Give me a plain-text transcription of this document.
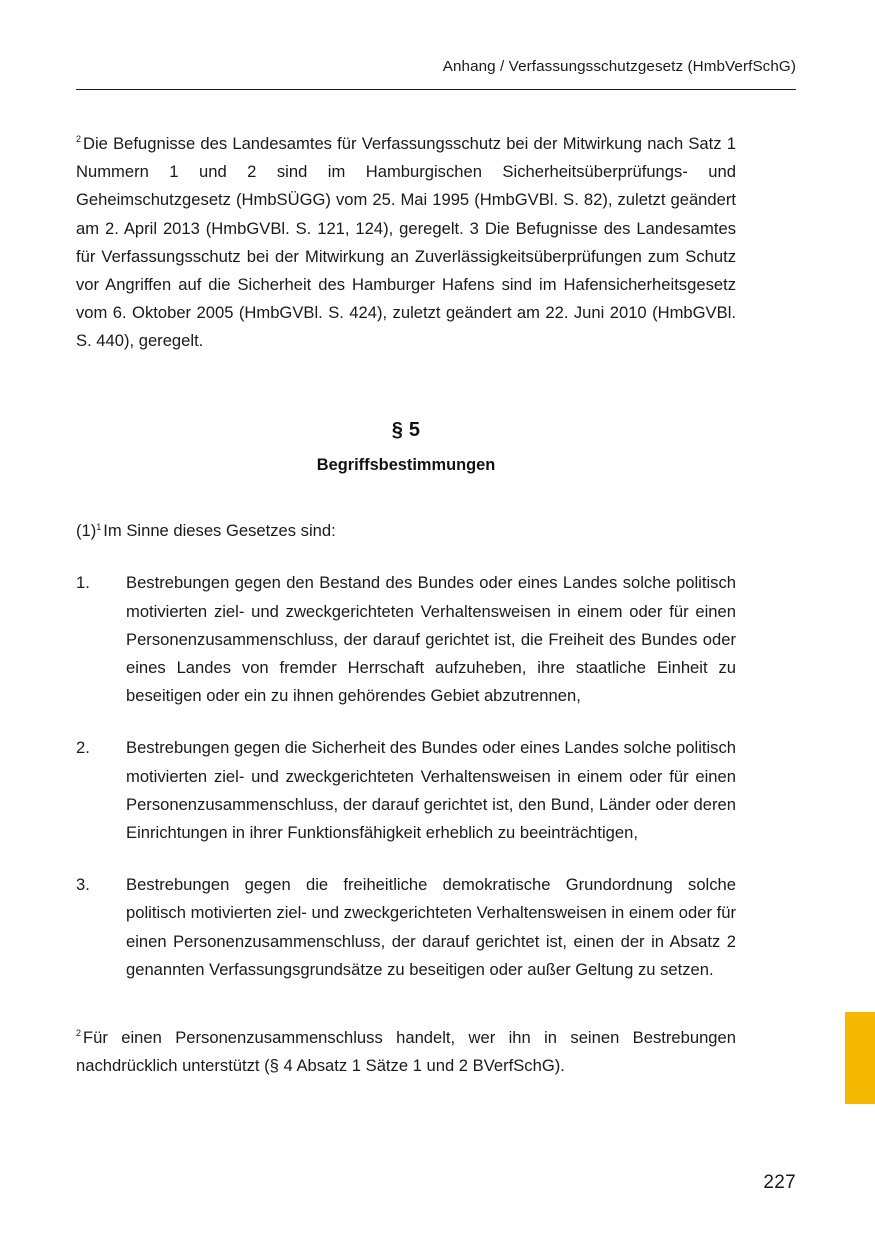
Anhang / Verfassungsschutzgesetz (HmbVerfSchG)

$^2$ Die Befugnisse des Landesamtes für Verfassungsschutz bei der Mitwirkung nach Satz 1 Nummern 1 und 2 sind im Hamburgischen Sicherheitsüberprüfungs- und Geheimschutzgesetz (HmbSÜGG) vom 25. Mai 1995 (HmbGVBl. S. 82), zuletzt geändert am 2. April 2013 (HmbGVBl. S. 121, 124), geregelt. 3 Die Befugnisse des Landesamtes für Verfassungsschutz bei der Mitwirkung an Zuverlässigkeitsüberprüfungen zum Schutz vor Angriffen auf die Sicherheit des Hamburger Hafens sind im Hafensicherheitsgesetz vom 6. Oktober 2005 (HmbGVBl. S. 424), zuletzt geändert am 22. Juni 2010 (HmbGVBl. S. 440), geregelt.

§ 5
Begriffsbestimmungen

$(1)^1$ Im Sinne dieses Gesetzes sind:

1.	Bestrebungen gegen den Bestand des Bundes oder eines Landes solche politisch motivierten ziel- und zweckgerichteten Verhaltensweisen in einem oder für einen Personenzusammenschluss, der darauf gerichtet ist, die Freiheit des Bundes oder eines Landes von fremder Herrschaft aufzuheben, ihre staatliche Einheit zu beseitigen oder ein zu ihnen gehörendes Gebiet abzutrennen,
2.	Bestrebungen gegen die Sicherheit des Bundes oder eines Landes solche politisch motivierten ziel- und zweckgerichteten Verhaltensweisen in einem oder für einen Personenzusammenschluss, der darauf gerichtet ist, den Bund, Länder oder deren Einrichtungen in ihrer Funktionsfähigkeit erheblich zu beeinträchtigen,
3.	Bestrebungen gegen die freiheitliche demokratische Grundordnung solche politisch motivierten ziel- und zweckgerichteten Verhaltensweisen in einem oder für einen Personenzusammenschluss, der darauf gerichtet ist, einen der in Absatz 2 genannten Verfassungsgrundsätze zu beseitigen oder außer Geltung zu setzen.

$^2$ Für einen Personenzusammenschluss handelt, wer ihn in seinen Bestrebungen nachdrücklich unterstützt (§ 4 Absatz 1 Sätze 1 und 2 BVerfSchG).

227
